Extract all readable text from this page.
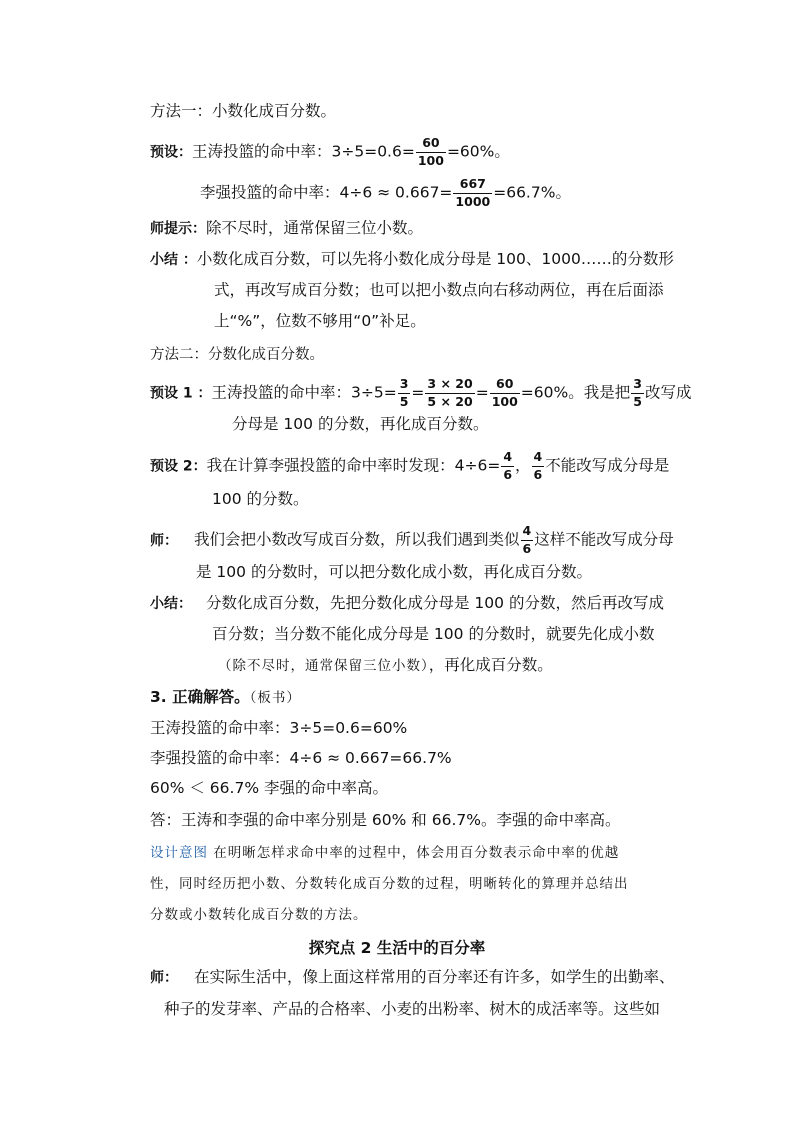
方法一：小数化成百分数。
预设：王涛投篮的命中率：$3\div 5=0.6= \frac{60}{100} =60\%$。
李强投篮的命中率：$4\div 6 \approx 0.667= \frac{667}{1000} =66.7\%$。
师提示：除不尽时，通常保留三位小数。
小结 ：小数化成百分数，可以先将小数化成分母是 100、1000……的分数形
式，再改写成百分数；也可以把小数点向右移动两位，再在后面添
上“%”，位数不够用“0”补足。
方法二：分数化成百分数。
预设 1 ：王涛投篮的命中率：$3\div 5= \frac{3}{5} = \frac{3 \times 20}{5 \times 20} = \frac{60}{100} =60\%$。我是把 $\frac{3}{5}$ 改写成
分母是 100 的分数，再化成百分数。
预设 2：我在计算李强投篮的命中率时发现：$4\div 6= \frac{4}{6}$ ， $\frac{4}{6}$ 不能改写成分母是
100 的分数。
师： 我们会把小数改写成百分数，所以我们遇到类似 $\frac{4}{6}$ 这样不能改写成分母
是 100 的分数时，可以把分数化成小数，再化成百分数。
小结： 分数化成百分数，先把分数化成分母是 100 的分数，然后再改写成
百分数；当分数不能化成分母是 100 的分数时，就要先化成小数
（除不尽时，通常保留三位小数），再化成百分数。
3. 正确解答。（板书）
王涛投篮的命中率：3÷5=0.6=60%
李强投篮的命中率：4÷6 ≈ 0.667=66.7%
60% ＜ 66.7% 李强的命中率高。
答：王涛和李强的命中率分别是 60% 和 66.7%。李强的命中率高。
设计意图 在明晰怎样求命中率的过程中，体会用百分数表示命中率的优越
性，同时经历把小数、分数转化成百分数的过程，明晰转化的算理并总结出
分数或小数转化成百分数的方法。
探究点 2 生活中的百分率
师： 在实际生活中，像上面这样常用的百分率还有许多，如学生的出勤率、
种子的发芽率、产品的合格率、小麦的出粉率、树木的成活率等。这些如
